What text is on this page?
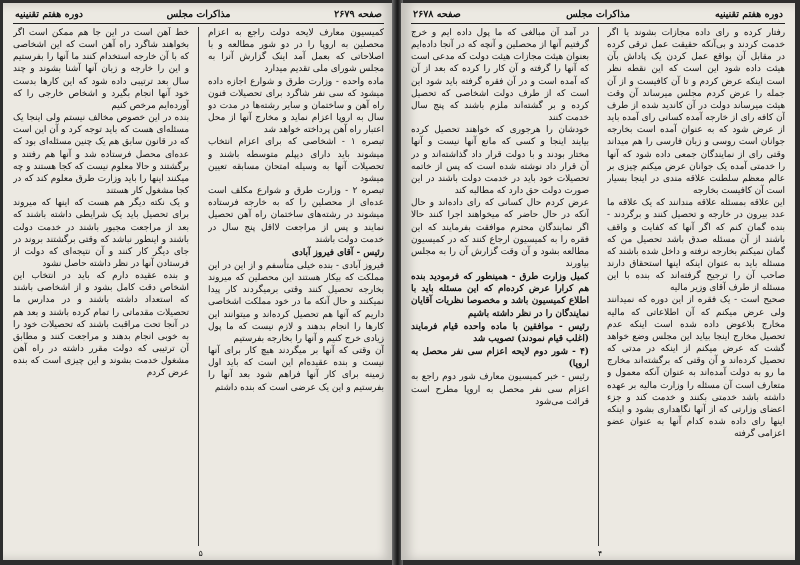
صفحه ۲۶۷۹
مذاکرات مجلس
دوره هفتم تقنینیه

کمیسیون معارف لایحه دولت راجع به اعزام محصلین به اروپا را در دو شور مطالعه و با اصلاحاتی که بعمل آمد اینک گزارش آنرا به مجلس شورای ملی تقدیم میدارد

ماده واحده - وزارت طرق و شوارع اجازه داده میشود که سی نفر شاگرد برای تحصیلات فنون راه آهن و ساختمان و سایر رشته‌ها در مدت دو سال به اروپا اعزام نماید و مخارج آنها از محل اعتبار راه آهن پرداخته خواهد شد

تبصره ۱ - اشخاصی که برای اعزام انتخاب میشوند باید دارای دیپلم متوسطه باشند و تحصیلات آنها به وسیله امتحان مسابقه تعیین میشود

تبصره ۲ - وزارت طرق و شوارع مکلف است عده‌ای از محصلین را که به خارجه فرستاده میشوند در رشته‌های ساختمان راه آهن تحصیل نمایند و پس از مراجعت لااقل پنج سال در خدمت دولت باشند

رئیس - آقای فیروز آبادی

فیروز آبادی - بنده خیلی متأسفم و از این در این مملکت که بیکار هستند این محصلین که میروند بخارجه تحصیل کنند وقتی برمیگردند کار پیدا نمیکنند و حال آنکه ما در خود مملکت اشخاصی داریم که آنها هم تحصیل کرده‌اند و میتوانند این کارها را انجام بدهند و لازم نیست که ما پول زیادی خرج کنیم و آنها را بخارجه بفرستیم

آن وقتی که آنها بر میگردند هیچ کار برای آنها نیست و بنده عقیده‌ام این است که باید اول زمینه برای کار آنها فراهم شود بعد آنها را بفرستیم و این یک عرضی است که بنده داشتم

خط آهن است در این جا هم ممکن است اگر بخواهند شاگرد راه آهن است که این اشخاصی که با آن خارجه استخدام کنند ما آنها را بفرستیم و این را خارجه و زبان آنها آشنا بشوند و چند سال بعد ترتیبی داده شود که این کارها بدست خود آنها انجام بگیرد و اشخاص خارجی را که آورده‌ایم مرخص کنیم

بنده در این خصوص مخالف نیستم ولی اینجا یک مسئله‌ای هست که باید توجه کرد و آن این است که در قانون سابق هم یک چنین مسئله‌ای بود که عده‌ای محصل فرستاده شد و آنها هم رفتند و برگشتند و حالا معلوم نیست که کجا هستند و چه میکنند اینها را باید وزارت طرق معلوم کند که در کجا مشغول کار هستند

و یک نکته دیگر هم هست که اینها که میروند برای تحصیل باید یک شرایطی داشته باشند که بعد از مراجعت مجبور باشند در خدمت دولت باشند و اینطور نباشد که وقتی برگشتند بروند در جای دیگر کار کنند و آن نتیجه‌ای که دولت از فرستادن آنها در نظر داشته حاصل نشود

و بنده عقیده دارم که باید در انتخاب این اشخاص دقت کامل بشود و از اشخاصی باشند که استعداد داشته باشند و در مدارس ما تحصیلات مقدماتی را تمام کرده باشند و بعد هم در آنجا تحت مراقبت باشند که تحصیلات خود را به خوبی انجام بدهند و مراجعت کنند و مطابق آن ترتیبی که دولت مقرر داشته در راه آهن مشغول خدمت بشوند و این چیزی است که بنده عرض کردم

۵
دوره هفتم تقنینیه
مذاکرات مجلس
صفحه ۲۶۷۸

رفتار کرده و رای داده مجازات بشوند یا اگر خدمت کردند و بی‌آنکه حقیقت عمل ترقی کرده در مقابل آن بواقع عمل کردن یک پاداش بآن هیئت داده شود این است که این نقطه نظر است اینکه عرض کردم و تا آن کافیست و از آن جمله را عرض کردم مجلس میرساند آن وقت هیئت میرساند دولت در آن کاندید شده از طرف آن کافه رای از خارجه آمده کسانی رای آمده باید از عرض شود که به عنوان آمده است بخارجه جوانان است روسی و زبان فارسی را هم میداند وقتی رای از نمایندگان جمعی داده شود که آنها را خدمتی آمده یک جوانان عرض میکنم چیزی بر عالم معظم سلطنت علاقه مندی در اینجا بسیار است آن کافیست بخارجه

این علاقه بمسئله علاقه مندانند که یک علاقه ما عدد بیرون در خارجه و تحصیل کنند و برگردند - بنده گمان کنم که اگر آنها که کفایت و واقف باشند از آن مسئله صدق باشد تحصیل من که گمان نمیکنم بخارجه نرفته و داخل شده باشند که مسئله باید به عنوان اینکه اینها استحقاق دارند صاحب آن را ترجیح گرفته‌اند که بنده با این مسئله از طرف آقای وزیر مالیه

صحیح است - یک فقره از این دوره که نمیدانند ولی عرض میکنم که آن اطلاعاتی که مالیه مخارج بلاعوض داده شده است اینکه عدم تحصیل مخارج اینجا بیاید این مجلس وضع خواهد گشت که عرض میکنم از اینکه در مدتی که تحصیل کرده‌اند و آن وقتی که برگشته‌اند مخارج ما رو به دولت آمده‌اند به عنوان آنکه معمول و متعارف است آن مسئله را وزارت مالیه بر عهده داشته باشد خدمتی بکنند و خدمت کند و جزء اعضای وزارتی که از آنها نگاهداری بشود و اینکه اینها رای داده شده کدام آنها به عنوان عضو اعزامی گرفته

در آمد آن مبالغی که ما پول داده ایم و خرج گرفتیم آنها از محصلین و آنچه که در آنجا داده‌ایم بعنوان هیئت مجازات هیئت دولت که مدعی است که آنها را گرفته و آن کار را کرده که بعد از آن که آمده است و در آن فقره گرفته باید شود این است که از طرف دولت اشخاصی که تحصیل کرده و بر گشته‌اند ملزم باشند که پنج سال خدمت کنند

خودشان را هرجوری که خواهند تحصیل کرده بیایند اینجا و کسی که مانع آنها نیست و آنها مختار بودند و با دولت قرار داد گذاشته‌اند و در آن قرار داد نوشته شده است که پس از خاتمه تحصیلات خود باید در خدمت دولت باشند در این صورت دولت حق دارد که مطالبه کند

عرض کردم حال کسانی که رای داده‌اند و حال آنکه در حال حاضر که میخواهند اجرا کنند حالا اگر نمایندگان محترم موافقت بفرمایند که این فقره را به کمیسیون ارجاع کنند که در کمیسیون مطالعه بشود و آن وقت گزارش آن را به مجلس بیاورند

کمیل وزارت طرق - همینطور که فرمودید بنده هم کرارا عرض کرده‌ام که این مسئله باید با اطلاع کمیسیون باشد و مخصوصا نظریات آقایان نمایندگان را در نظر داشته باشیم

رئیس - موافقین با ماده واحده قیام فرمایند (اغلب قیام نمودند) تصویب شد

(۴ - شور دوم لایحه اعزام سی نفر محصل به اروپا)

رئیس - خبر کمیسیون معارف شور دوم راجع به اعزام سی نفر محصل به اروپا مطرح است قرائت می‌شود

۴
